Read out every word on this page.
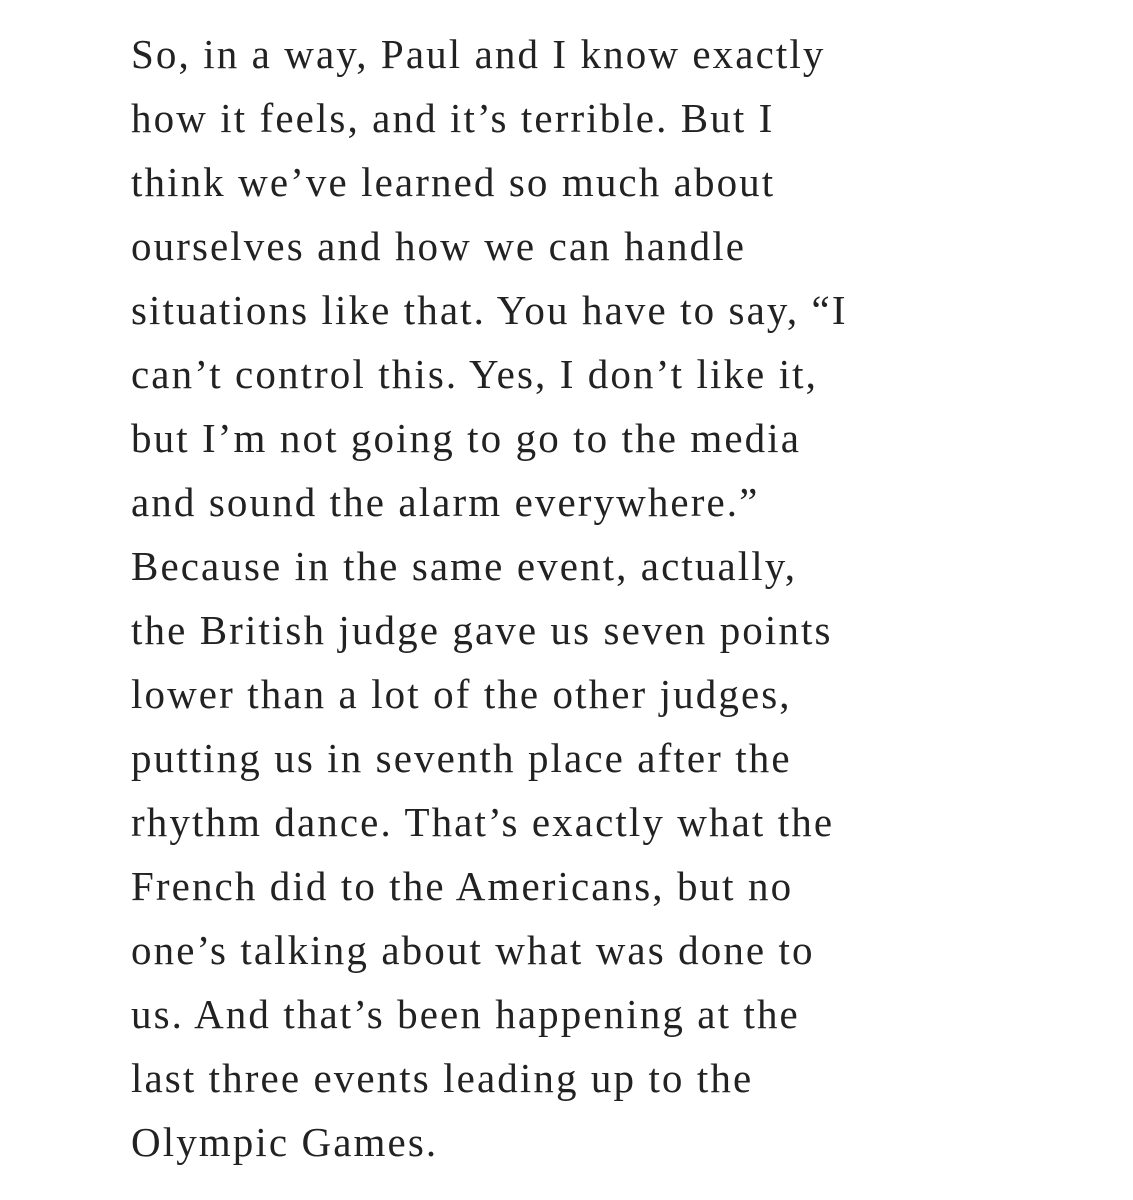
So, in a way, Paul and I know exactly
how it feels, and it’s terrible. But I
think we’ve learned so much about
ourselves and how we can handle
situations like that. You have to say, “I
can’t control this. Yes, I don’t like it,
but I’m not going to go to the media
and sound the alarm everywhere.”
Because in the same event, actually,
the British judge gave us seven points
lower than a lot of the other judges,
putting us in seventh place after the
rhythm dance. That’s exactly what the
French did to the Americans, but no
one’s talking about what was done to
us. And that’s been happening at the
last three events leading up to the
Olympic Games.
